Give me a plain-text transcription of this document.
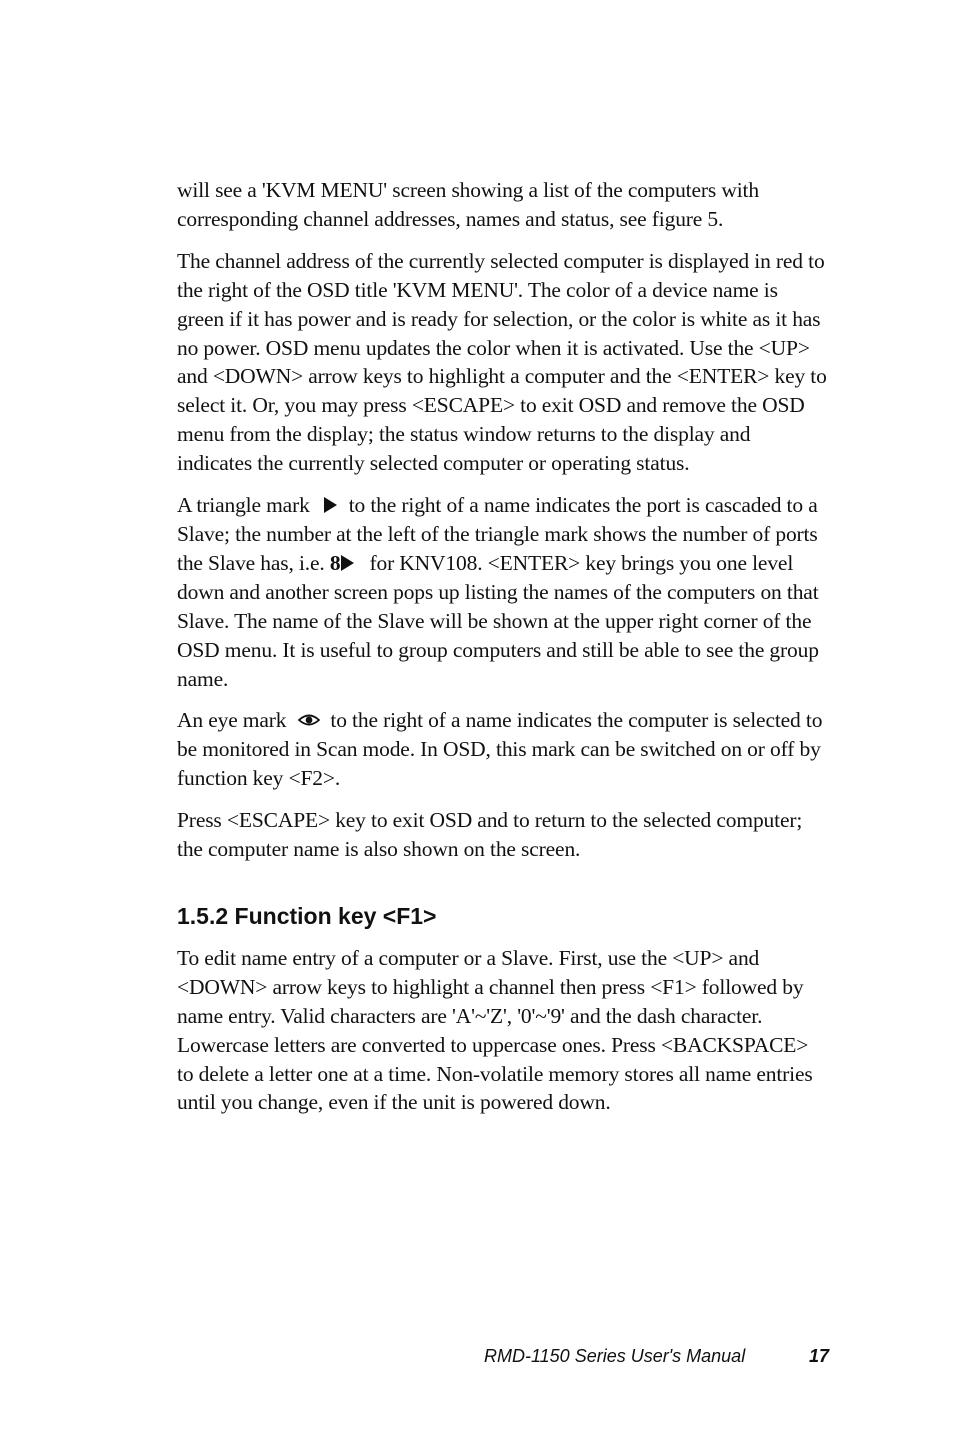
will see a 'KVM MENU' screen showing a list of the computers with corresponding channel addresses, names and status, see figure 5.

The channel address of the currently selected computer is displayed in red to the right of the OSD title 'KVM MENU'. The color of a device name is green if it has power and is ready for selection, or the color is white as it has no power. OSD menu updates the color when it is activated. Use the <UP> and <DOWN> arrow keys to highlight a computer and the <ENTER> key to select it. Or, you may press <ESCAPE> to exit OSD and remove the OSD menu from the display; the status window returns to the display and indicates the currently selected computer or operating status.

A triangle mark to the right of a name indicates the port is cascaded to a Slave; the number at the left of the triangle mark shows the number of ports the Slave has, i.e. 8 for KNV108. <ENTER> key brings you one level down and another screen pops up listing the names of the computers on that Slave. The name of the Slave will be shown at the upper right corner of the OSD menu. It is useful to group computers and still be able to see the group name.

An eye mark to the right of a name indicates the computer is selected to be monitored in Scan mode. In OSD, this mark can be switched on or off by function key <F2>.

Press <ESCAPE> key to exit OSD and to return to the selected computer; the computer name is also shown on the screen.

1.5.2 Function key <F1>

To edit name entry of a computer or a Slave. First, use the <UP> and <DOWN> arrow keys to highlight a channel then press <F1> followed by name entry. Valid characters are 'A'~'Z', '0'~'9' and the dash character. Lowercase letters are converted to uppercase ones. Press <BACKSPACE> to delete a letter one at a time. Non-volatile memory stores all name entries until you change, even if the unit is powered down.

RMD-1150 Series User's Manual	17
